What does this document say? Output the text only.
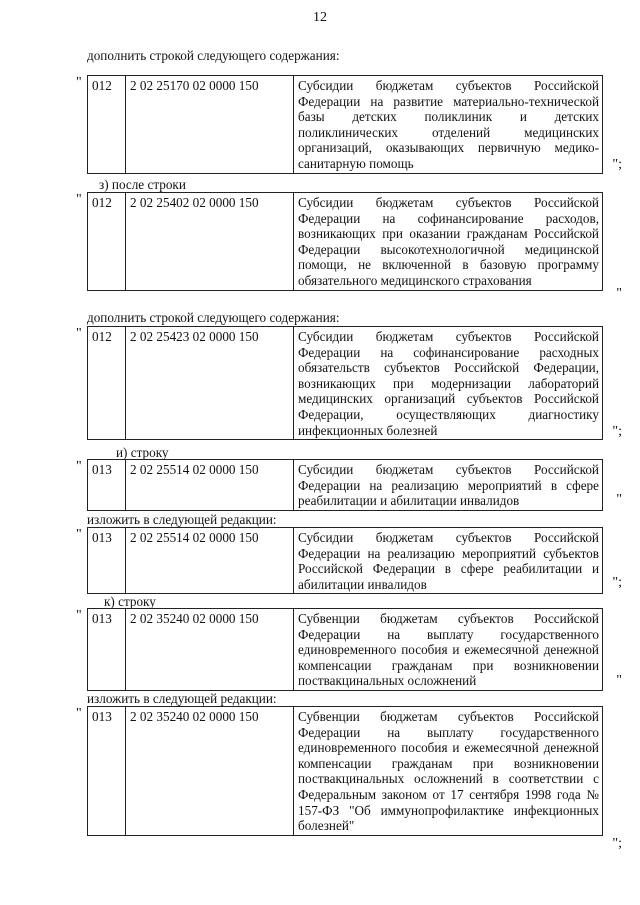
12
дополнить строкой следующего содержания:
" 012	2 02 25170 02 0000 150	Субсидии бюджетам субъектов Российской Федерации на развитие материально-технической базы детских поликлиник и детских поликлинических отделений медицинских организаций, оказывающих первичную медико-санитарную помощь	";
з) после строки
" 012	2 02 25402 02 0000 150	Субсидии бюджетам субъектов Российской Федерации на софинансирование расходов, возникающих при оказании гражданам Российской Федерации высокотехнологичной медицинской помощи, не включенной в базовую программу обязательного медицинского страхования
"
дополнить строкой следующего содержания:
" 012	2 02 25423 02 0000 150	Субсидии бюджетам субъектов Российской Федерации на софинансирование расходных обязательств субъектов Российской Федерации, возникающих при модернизации лабораторий медицинских организаций субъектов Российской Федерации, осуществляющих диагностику инфекционных болезней	";
и) строку
" 013	2 02 25514 02 0000 150	Субсидии бюджетам субъектов Российской Федерации на реализацию мероприятий в сфере реабилитации и абилитации инвалидов	"
изложить в следующей редакции:
" 013	2 02 25514 02 0000 150	Субсидии бюджетам субъектов Российской Федерации на реализацию мероприятий субъектов Российской Федерации в сфере реабилитации и абилитации инвалидов	";
к) строку
" 013	2 02 35240 02 0000 150	Субвенции бюджетам субъектов Российской Федерации на выплату государственного единовременного пособия и ежемесячной денежной компенсации гражданам при возникновении поствакцинальных осложнений	"
изложить в следующей редакции:
" 013	2 02 35240 02 0000 150	Субвенции бюджетам субъектов Российской Федерации на выплату государственного единовременного пособия и ежемесячной денежной компенсации гражданам при возникновении поствакцинальных осложнений в соответствии с Федеральным законом от 17 сентября 1998 года № 157-ФЗ "Об иммунопрофилактике инфекционных болезней"
";
